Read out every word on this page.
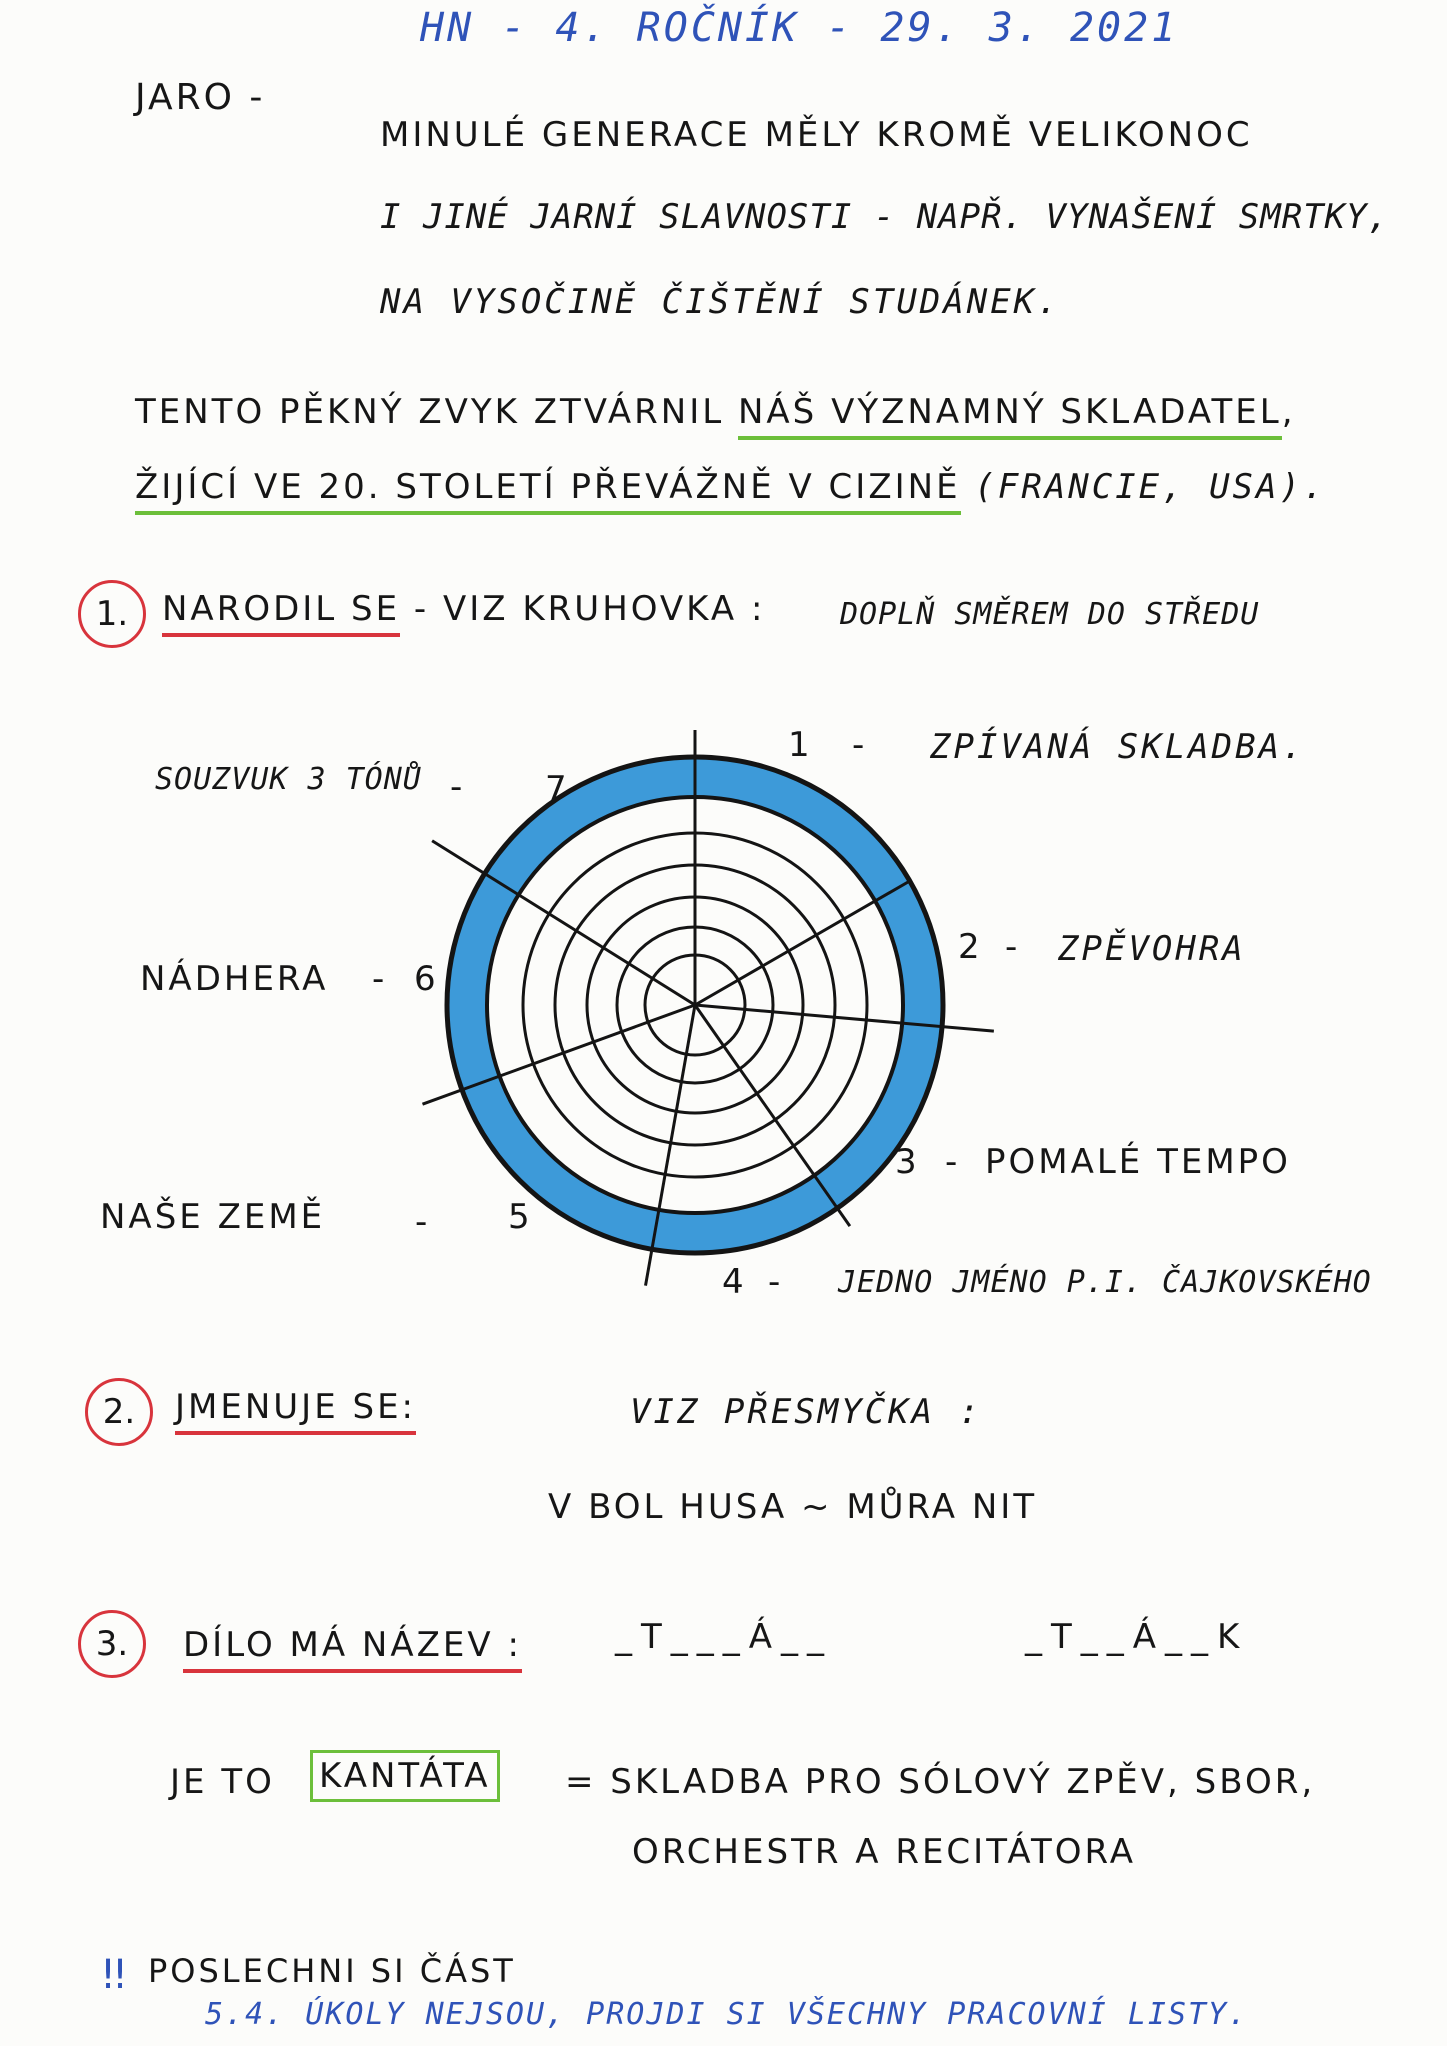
HN - 4. ROČNÍK - 29. 3. 2021
JARO -
MINULÉ GENERACE MĚLY KROMĚ VELIKONOC
I JINÉ JARNÍ SLAVNOSTI - NAPŘ. VYNAŠENÍ SMRTKY,
NA VYSOČINĚ ČIŠTĚNÍ STUDÁNEK.
TENTO PĚKNÝ ZVYK ZTVÁRNIL NÁŠ VÝZNAMNÝ SKLADATEL,
ŽIJÍCÍ VE 20. STOLETÍ PŘEVÁŽNĚ V CIZINĚ (FRANCIE, USA).
1. NARODIL SE - VIZ KRUHOVKA : DOPLŇ SMĚREM DO STŘEDU
1 - ZPÍVANÁ SKLADBA.
2 - ZPĚVOHRA
3 - POMALÉ TEMPO
4 - JEDNO JMÉNO P.I. ČAJKOVSKÉHO
SOUZVUK 3 TÓNŮ - 7
NÁDHERA - 6
NAŠE ZEMĚ	- 5
2.	JMENUJE SE:	VIZ PŘESMYČKA :
V BOL HUSA ~ MŮRA NIT
3.	DÍLO MÁ NÁZEV :	_T___Á__	_T__Á__K
JE TO KANTÁTA = SKLADBA PRO SÓLOVÝ ZPĚV, SBOR,
ORCHESTR A RECITÁTORA
!! POSLECHNI SI ČÁST
5.4. ÚKOLY NEJSOU, PROJDI SI VŠECHNY PRACOVNÍ LISTY.
